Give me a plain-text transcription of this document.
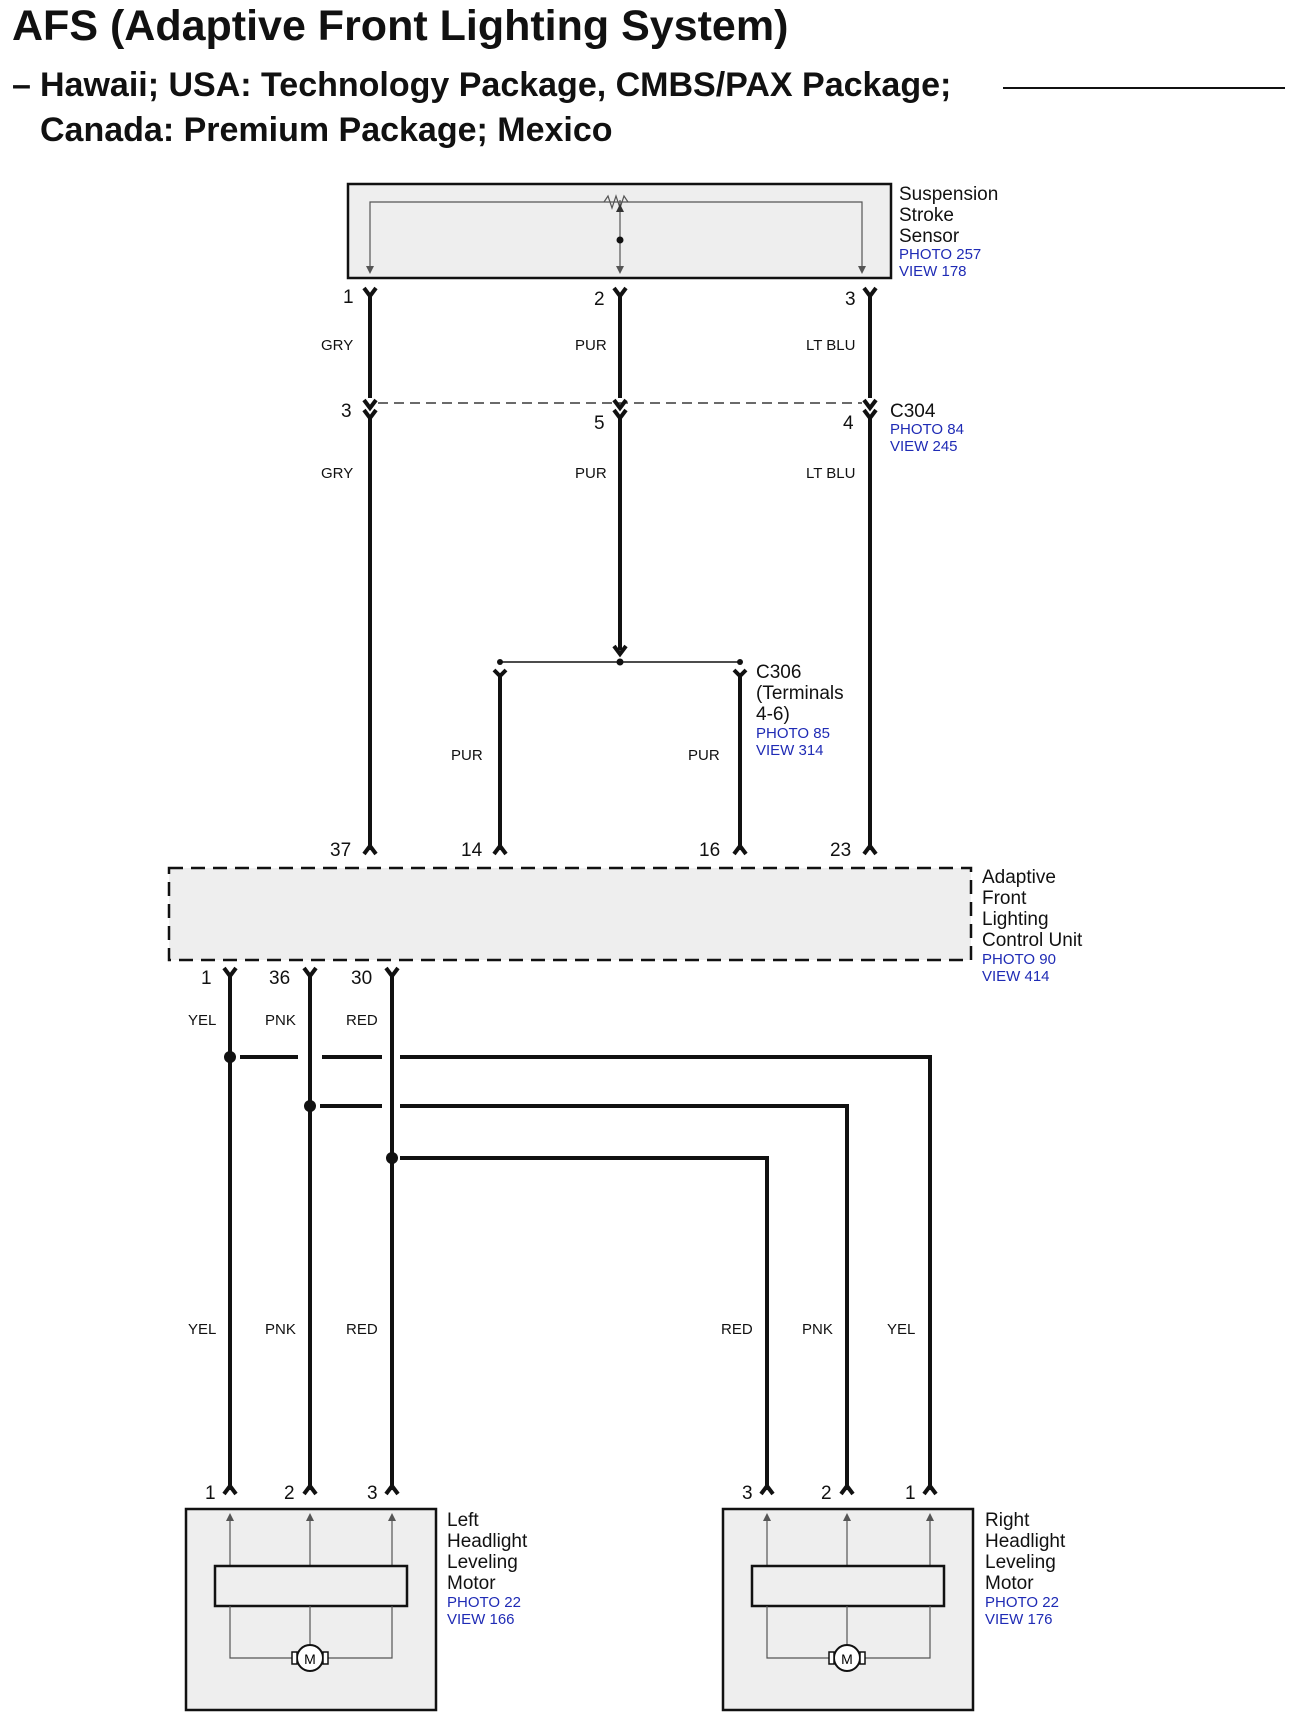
AFS (Adaptive Front Lighting System)
– Hawaii; USA: Technology Package, CMBS/PAX Package;
Canada: Premium Package; Mexico
Suspension
Stroke
Sensor
PHOTO 257
VIEW 178
1	2	3
GRY	PUR	LT BLU
GRY	PUR	LT BLU
PUR	PUR
3
5	4
C304
PHOTO 84
VIEW 245
C306
(Terminals
4-6)
PHOTO 85
VIEW 314
37	14	16	23
Adaptive
Front
Lighting
Control Unit
PHOTO 90
VIEW 414
1	36	30
YEL	PNK	RED
YEL	PNK	RED	RED	PNK	YEL
1	2	3
M
Left
Headlight
Leveling
Motor
PHOTO 22
VIEW 166
3	2	1
M
Right
Headlight
Leveling
Motor
PHOTO 22
VIEW 176
